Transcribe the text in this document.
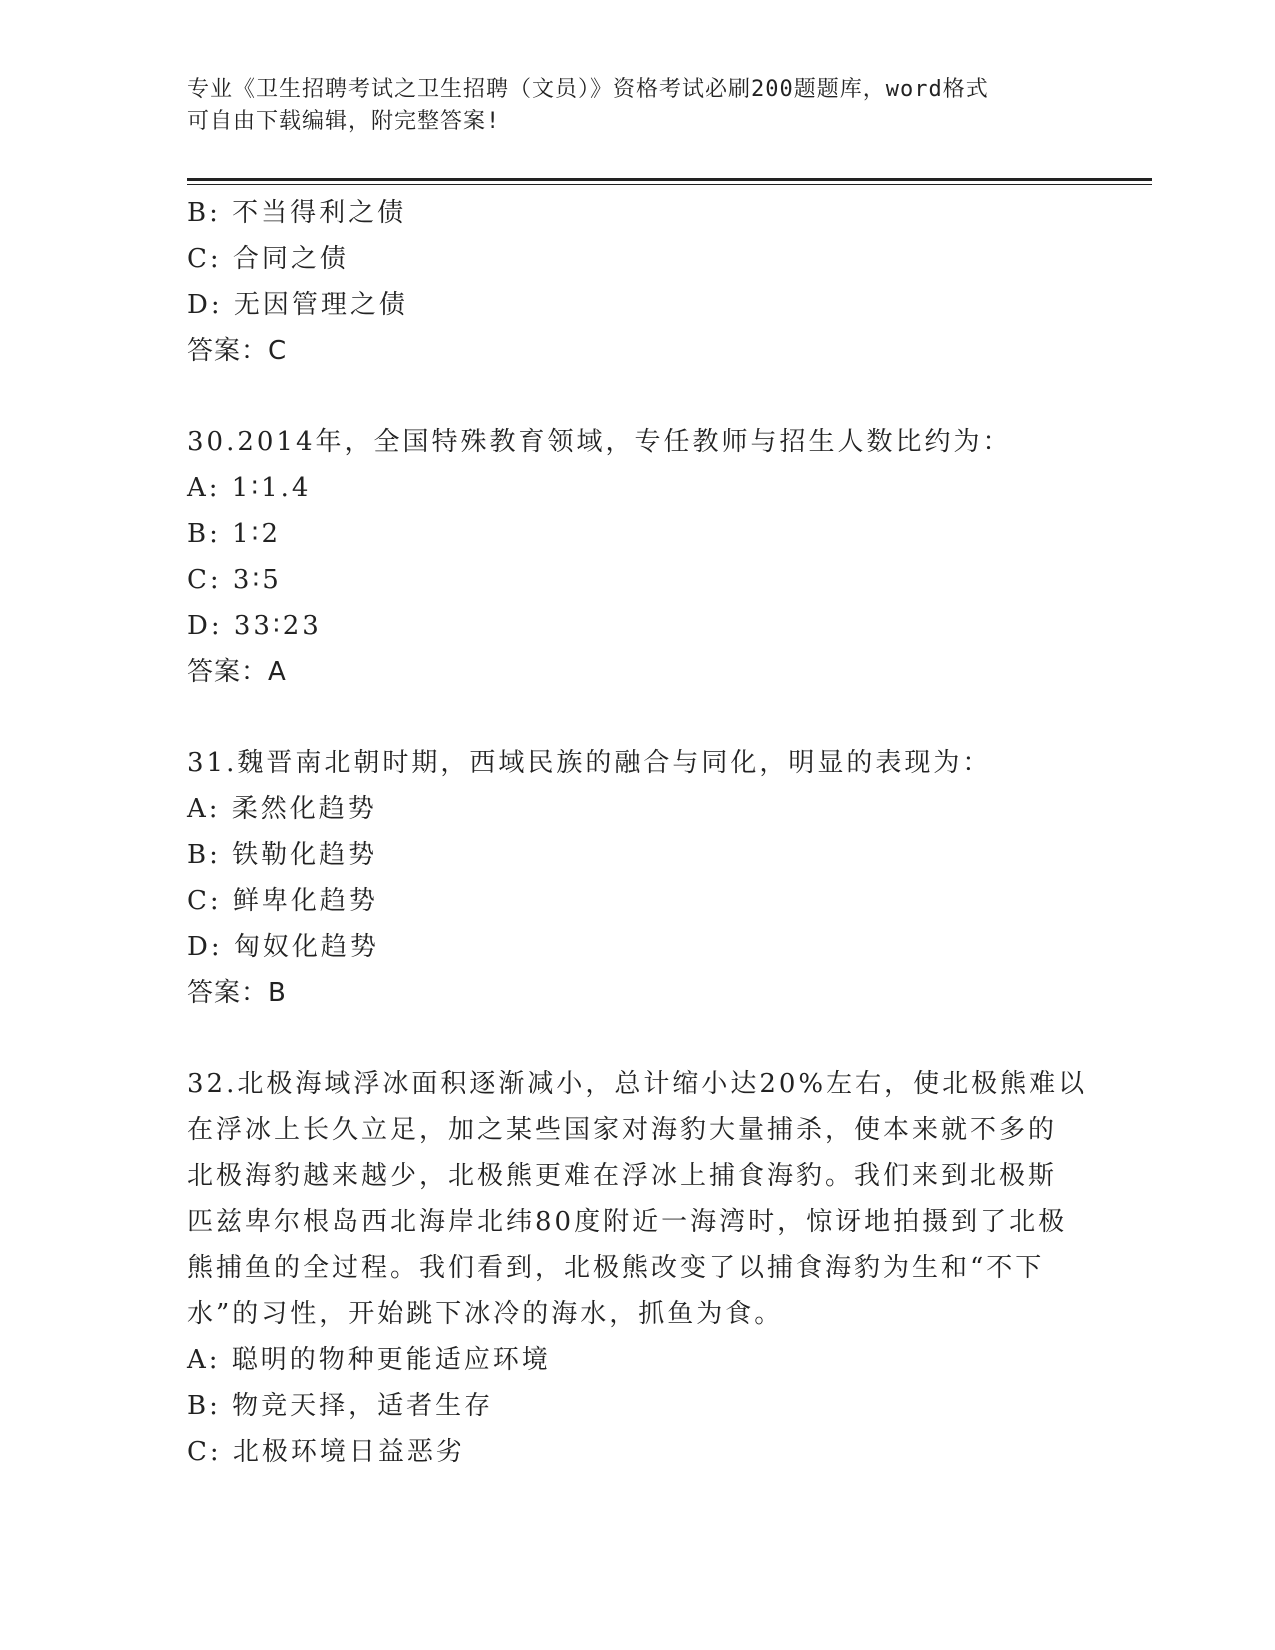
专业《卫生招聘考试之卫生招聘（文员）》资格考试必刷200题题库，word格式
可自由下载编辑，附完整答案!
B: 不当得利之债
C: 合同之债
D: 无因管理之债
答案：C
30.2014年，全国特殊教育领域，专任教师与招生人数比约为：
A: 1∶1.4
B: 1∶2
C: 3∶5
D: 33∶23
答案：A
31.魏晋南北朝时期，西域民族的融合与同化，明显的表现为：
A: 柔然化趋势
B: 铁勒化趋势
C: 鲜卑化趋势
D: 匈奴化趋势
答案：B
32.北极海域浮冰面积逐渐减小，总计缩小达20%左右，使北极熊难以
在浮冰上长久立足，加之某些国家对海豹大量捕杀，使本来就不多的
北极海豹越来越少，北极熊更难在浮冰上捕食海豹。我们来到北极斯
匹兹卑尔根岛西北海岸北纬80度附近一海湾时，惊讶地拍摄到了北极
熊捕鱼的全过程。我们看到，北极熊改变了以捕食海豹为生和“不下
水”的习性，开始跳下冰冷的海水，抓鱼为食。
A: 聪明的物种更能适应环境
B: 物竞天择，适者生存
C: 北极环境日益恶劣
